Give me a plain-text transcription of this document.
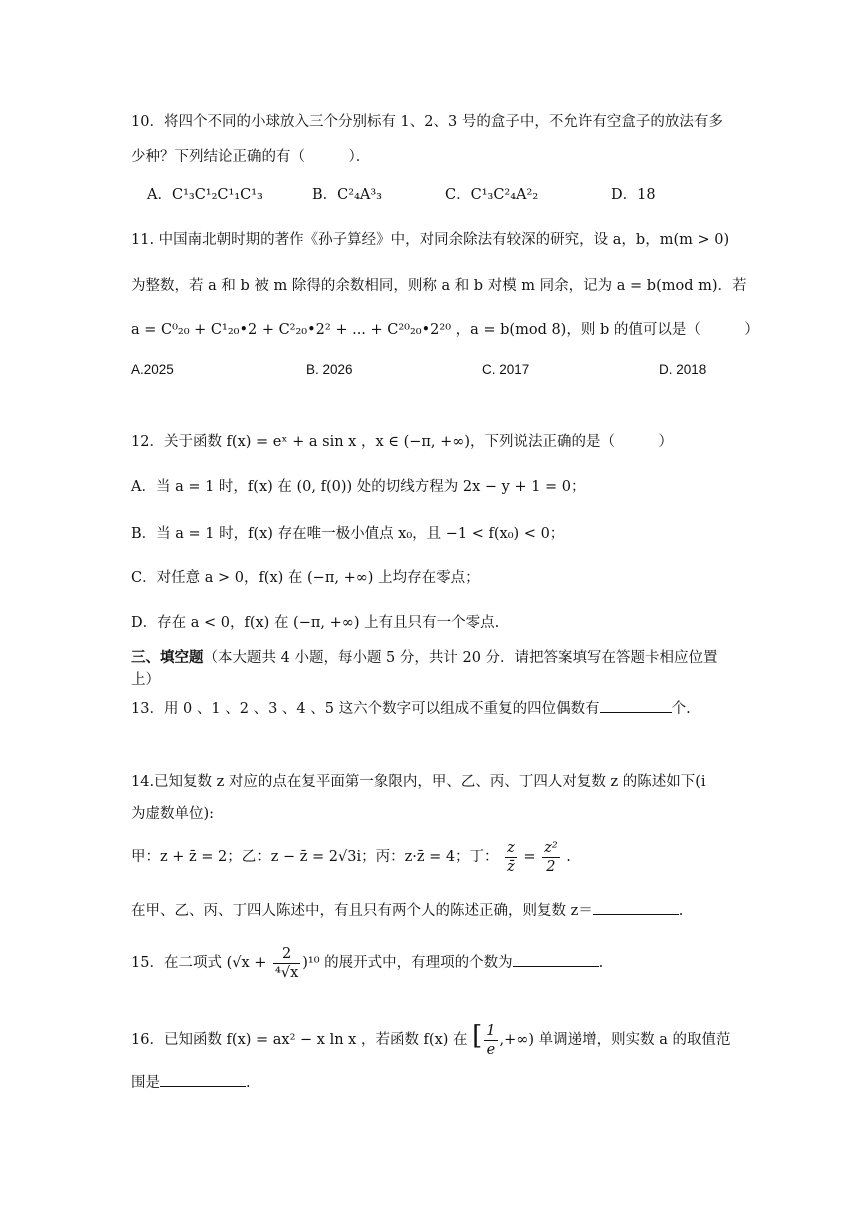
10．将四个不同的小球放入三个分别标有 1、2、3 号的盒子中，不允许有空盒子的放法有多
少种？下列结论正确的有（　　　）．
A．C¹₃C¹₂C¹₁C¹₃	B．C²₄A³₃	C．C¹₃C²₄A²₂	D．18
11. 中国南北朝时期的著作《孙子算经》中，对同余除法有较深的研究，设 a，b，m(m > 0)
为整数，若 a 和 b 被 m 除得的余数相同，则称 a 和 b 对模 m 同余，记为 a = b(mod m)．若
a = C⁰₂₀ + C¹₂₀•2 + C²₂₀•2² + ... + C²⁰₂₀•2²⁰ ，a = b(mod 8)，则 b 的值可以是（　　　）
A.2025	B. 2026	C. 2017	D. 2018
12．关于函数 f(x) = eˣ + a sin x ，x ∈ (−π, +∞)，下列说法正确的是（　　　）
A．当 a = 1 时，f(x) 在 (0, f(0)) 处的切线方程为 2x − y + 1 = 0；
B．当 a = 1 时，f(x) 存在唯一极小值点 x₀，且 −1 < f(x₀) < 0；
C．对任意 a > 0，f(x) 在 (−π, +∞) 上均存在零点；
D．存在 a < 0，f(x) 在 (−π, +∞) 上有且只有一个零点.
三、填空题（本大题共 4 小题，每小题 5 分，共计 20 分．请把答案填写在答题卡相应位置
上）
13．用 0 、1 、2 、3 、4 、5 这六个数字可以组成不重复的四位偶数有	个.
14.已知复数 z 对应的点在复平面第一象限内，甲、乙、丙、丁四人对复数 z 的陈述如下(i
为虚数单位):
甲：z + z̄ = 2；乙：z − z̄ = 2√3i；丙：z·z̄ = 4；丁： $\frac{z}{z̄} = \frac{\text{z²}}{2}$ .
在甲、乙、丙、丁四人陈述中，有且只有两个人的陈述正确，则复数 z＝	.
15．在二项式 $(√x + \frac{2}{\text{⁴√x}} )^{10}$ 的展开式中，有理项的个数为	.
16．已知函数 f(x) = ax² − x ln x ，若函数 f(x) 在 [ $\frac{1}{e}$ ,+∞) 单调递增，则实数 a 的取值范
围是	.
